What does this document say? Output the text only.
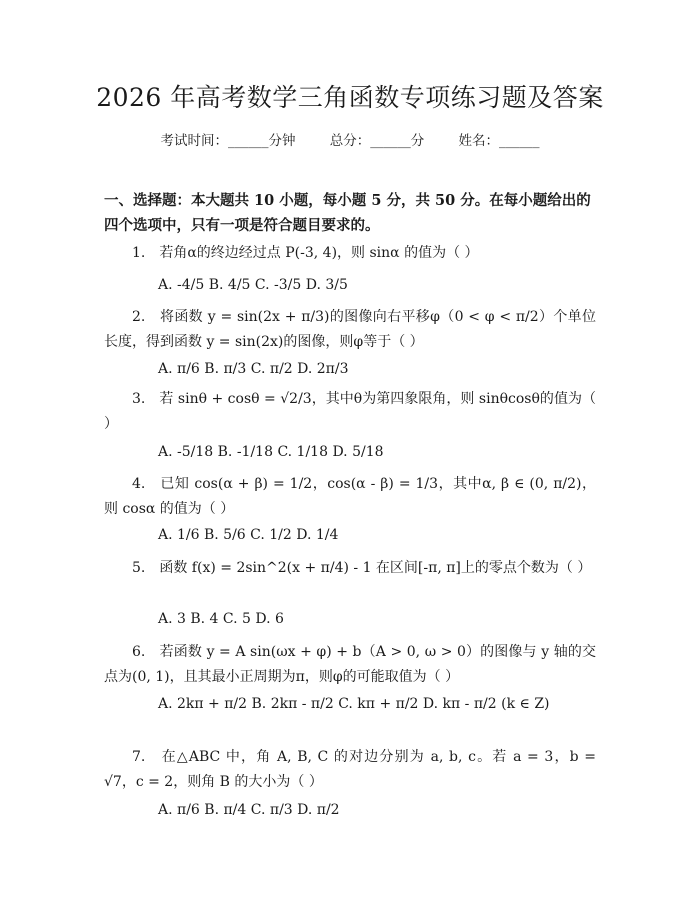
2026 年高考数学三角函数专项练习题及答案
考试时间：______分钟	总分：______分	姓名：______
一、选择题：本大题共 10 小题，每小题 5 分，共 50 分。在每小题给出的四个选项中，只有一项是符合题目要求的。
1.　若角α的终边经过点 P(-3, 4)，则 sinα 的值为（ ）
A. -4/5 B. 4/5 C. -3/5 D. 3/5
2.　将函数 y = sin(2x + π/3)的图像向右平移φ（0 < φ < π/2）个单位长度，得到函数 y = sin(2x)的图像，则φ等于（ ）
A. π/6 B. π/3 C. π/2 D. 2π/3
3.　若 sinθ + cosθ = √2/3，其中θ为第四象限角，则 sinθcosθ的值为（ ）
A. -5/18 B. -1/18 C. 1/18 D. 5/18
4.　已知 cos(α + β) = 1/2，cos(α - β) = 1/3，其中α, β ∈ (0, π/2)，则 cosα 的值为（ ）
A. 1/6 B. 5/6 C. 1/2 D. 1/4
5.　函数 f(x) = 2sin^2(x + π/4) - 1 在区间[-π, π]上的零点个数为（ ）
A. 3 B. 4 C. 5 D. 6
6.　若函数 y = A sin(ωx + φ) + b（A > 0, ω > 0）的图像与 y 轴的交点为(0, 1)，且其最小正周期为π，则φ的可能取值为（ ）
A. 2kπ + π/2 B. 2kπ - π/2 C. kπ + π/2 D. kπ - π/2 (k ∈ Z)
7.　在△ABC 中，角 A, B, C 的对边分别为 a, b, c。若 a = 3，b = √7，c = 2，则角 B 的大小为（ ）
A. π/6 B. π/4 C. π/3 D. π/2
